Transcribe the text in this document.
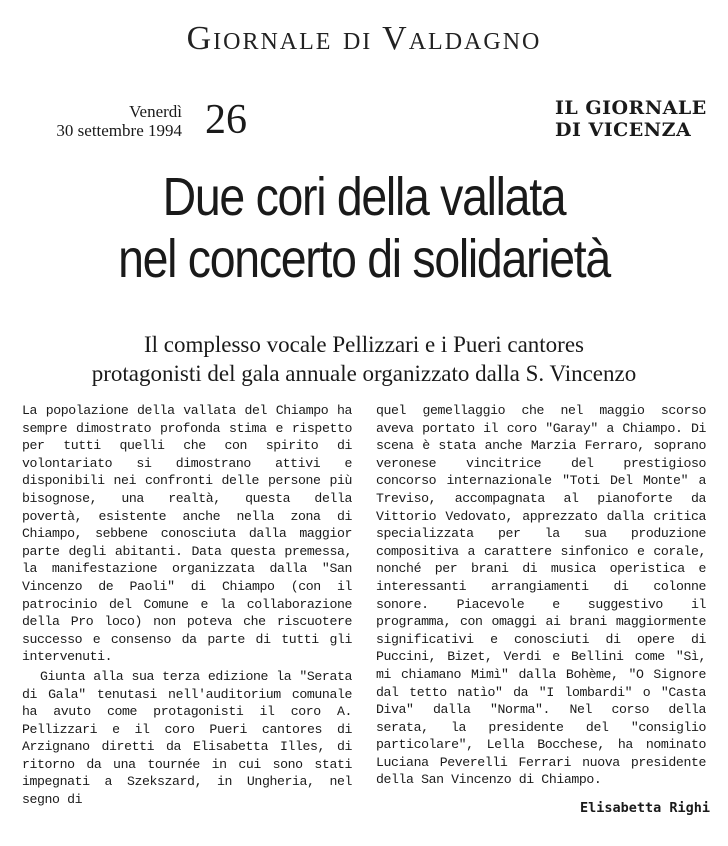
Giornale di Valdagno
Venerdì
30 settembre 1994 26	IL GIORNALE
DI VICENZA
Due cori della vallata
nel concerto di solidarietà
Il complesso vocale Pellizzari e i Pueri cantores
protagonisti del gala annuale organizzato dalla S. Vincenzo

La popolazione della vallata del Chiampo ha sempre dimostrato profonda stima e rispetto per tutti quelli che con spirito di volontariato si dimostrano attivi e disponibili nei confronti delle persone più bisognose, una realtà, questa della povertà, esistente anche nella zona di Chiampo, sebbene conosciuta dalla maggior parte degli abitanti. Data questa premessa, la manifestazione organizzata dalla "San Vincenzo de Paoli" di Chiampo (con il patrocinio del Comune e la collaborazione della Pro loco) non poteva che riscuotere successo e consenso da parte di tutti gli intervenuti.

Giunta alla sua terza edizione la "Serata di Gala" tenutasi nell'auditorium comunale ha avuto come protagonisti il coro A. Pellizzari e il coro Pueri cantores di Arzignano diretti da Elisabetta Illes, di ritorno da una tournée in cui sono stati impegnati a Szekszard, in Ungheria, nel segno di

quel gemellaggio che nel maggio scorso aveva portato il coro "Garay" a Chiampo. Di scena è stata anche Marzia Ferraro, soprano veronese vincitrice del prestigioso concorso internazionale "Toti Del Monte" a Treviso, accompagnata al pianoforte da Vittorio Vedovato, apprezzato dalla critica specializzata per la sua produzione compositiva a carattere sinfonico e corale, nonché per brani di musica operistica e interessanti arrangiamenti di colonne sonore. Piacevole e suggestivo il programma, con omaggi ai brani maggiormente significativi e conosciuti di opere di Puccini, Bizet, Verdi e Bellini come "Sì, mi chiamano Mimì" dalla Bohème, "O Signore dal tetto natìo" da "I lombardi" o "Casta Diva" dalla "Norma". Nel corso della serata, la presidente del "consiglio particolare", Lella Bocchese, ha nominato Luciana Peverelli Ferrari nuova presidente della San Vincenzo di Chiampo.

Elisabetta Righi
